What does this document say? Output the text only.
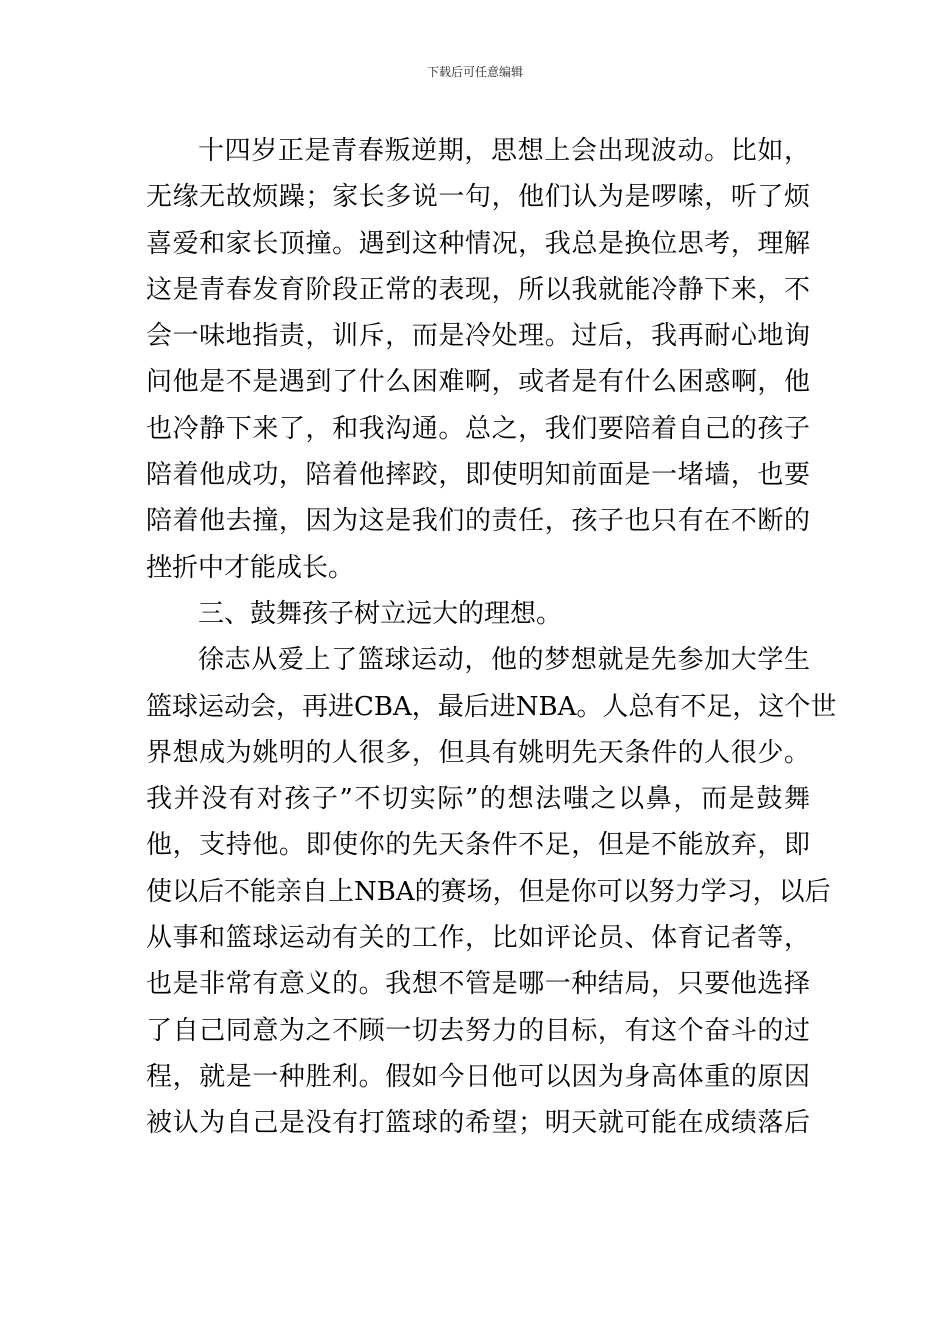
下载后可任意编辑
十四岁正是青春叛逆期，思想上会出现波动。比如，
无缘无故烦躁；家长多说一句，他们认为是啰嗦，听了烦
喜爱和家长顶撞。遇到这种情况，我总是换位思考，理解
这是青春发育阶段正常的表现，所以我就能冷静下来，不
会一味地指责，训斥，而是冷处理。过后，我再耐心地询
问他是不是遇到了什么困难啊，或者是有什么困惑啊，他
也冷静下来了，和我沟通。总之，我们要陪着自己的孩子
陪着他成功，陪着他摔跤，即使明知前面是一堵墙，也要
陪着他去撞，因为这是我们的责任，孩子也只有在不断的
挫折中才能成长。
三、鼓舞孩子树立远大的理想。
徐志从爱上了篮球运动，他的梦想就是先参加大学生
篮球运动会，再进CBA，最后进NBA。人总有不足，这个世
界想成为姚明的人很多，但具有姚明先天条件的人很少。
我并没有对孩子”不切实际”的想法嗤之以鼻，而是鼓舞
他，支持他。即使你的先天条件不足，但是不能放弃，即
使以后不能亲自上NBA的赛场，但是你可以努力学习，以后
从事和篮球运动有关的工作，比如评论员、体育记者等，
也是非常有意义的。我想不管是哪一种结局，只要他选择
了自己同意为之不顾一切去努力的目标，有这个奋斗的过
程，就是一种胜利。假如今日他可以因为身高体重的原因
被认为自己是没有打篮球的希望；明天就可能在成绩落后
